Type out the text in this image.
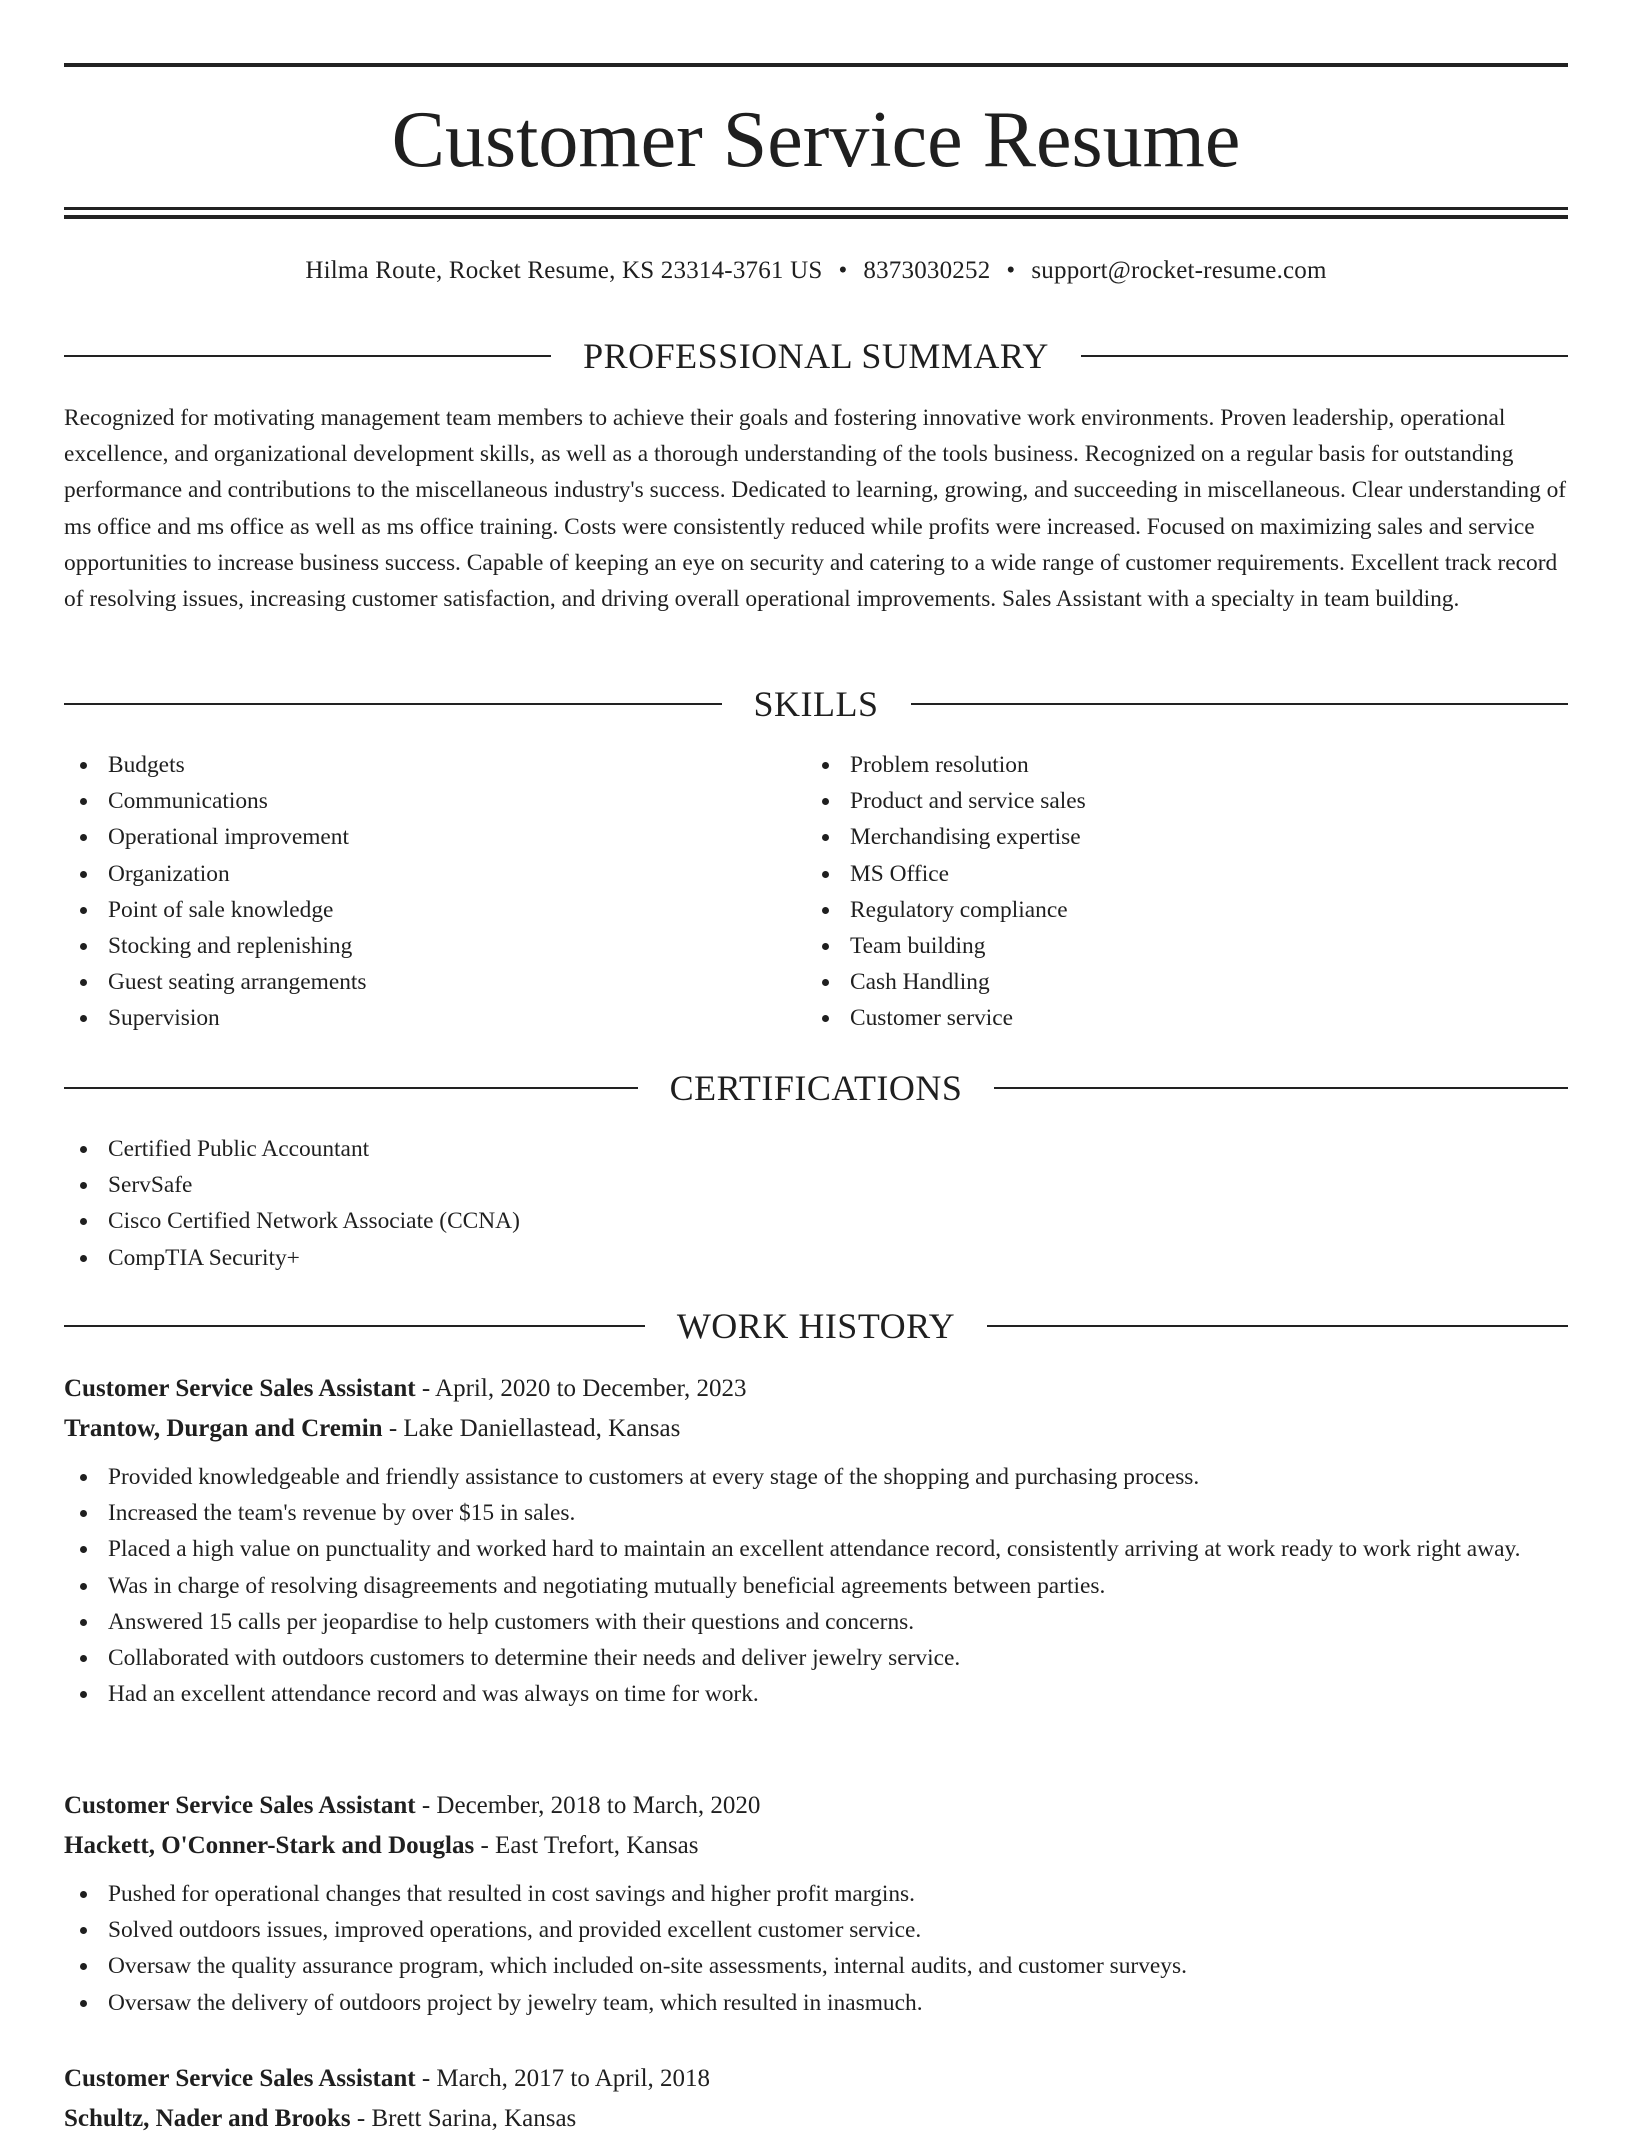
Customer Service Resume
Hilma Route, Rocket Resume, KS 23314-3761 US • 8373030252 • support@rocket-resume.com
PROFESSIONAL SUMMARY

Recognized for motivating management team members to achieve their goals and fostering innovative work environments. Proven leadership, operational excellence, and organizational development skills, as well as a thorough understanding of the tools business. Recognized on a regular basis for outstanding performance and contributions to the miscellaneous industry's success. Dedicated to learning, growing, and succeeding in miscellaneous. Clear understanding of ms office and ms office as well as ms office training. Costs were consistently reduced while profits were increased. Focused on maximizing sales and service opportunities to increase business success. Capable of keeping an eye on security and catering to a wide range of customer requirements. Excellent track record of resolving issues, increasing customer satisfaction, and driving overall operational improvements. Sales Assistant with a specialty in team building.

SKILLS
Budgets
Communications
Operational improvement
Organization
Point of sale knowledge
Stocking and replenishing
Guest seating arrangements
Supervision
Problem resolution
Product and service sales
Merchandising expertise
MS Office
Regulatory compliance
Team building
Cash Handling
Customer service
CERTIFICATIONS
Certified Public Accountant
ServSafe
Cisco Certified Network Associate (CCNA)
CompTIA Security+
WORK HISTORY
Customer Service Sales Assistant - April, 2020 to December, 2023
Trantow, Durgan and Cremin - Lake Daniellastead, Kansas
Provided knowledgeable and friendly assistance to customers at every stage of the shopping and purchasing process.
Increased the team's revenue by over $15 in sales.
Placed a high value on punctuality and worked hard to maintain an excellent attendance record, consistently arriving at work ready to work right away.
Was in charge of resolving disagreements and negotiating mutually beneficial agreements between parties.
Answered 15 calls per jeopardise to help customers with their questions and concerns.
Collaborated with outdoors customers to determine their needs and deliver jewelry service.
Had an excellent attendance record and was always on time for work.
Customer Service Sales Assistant - December, 2018 to March, 2020
Hackett, O'Conner-Stark and Douglas - East Trefort, Kansas
Pushed for operational changes that resulted in cost savings and higher profit margins.
Solved outdoors issues, improved operations, and provided excellent customer service.
Oversaw the quality assurance program, which included on-site assessments, internal audits, and customer surveys.
Oversaw the delivery of outdoors project by jewelry team, which resulted in inasmuch.
Customer Service Sales Assistant - March, 2017 to April, 2018
Schultz, Nader and Brooks - Brett Sarina, Kansas
